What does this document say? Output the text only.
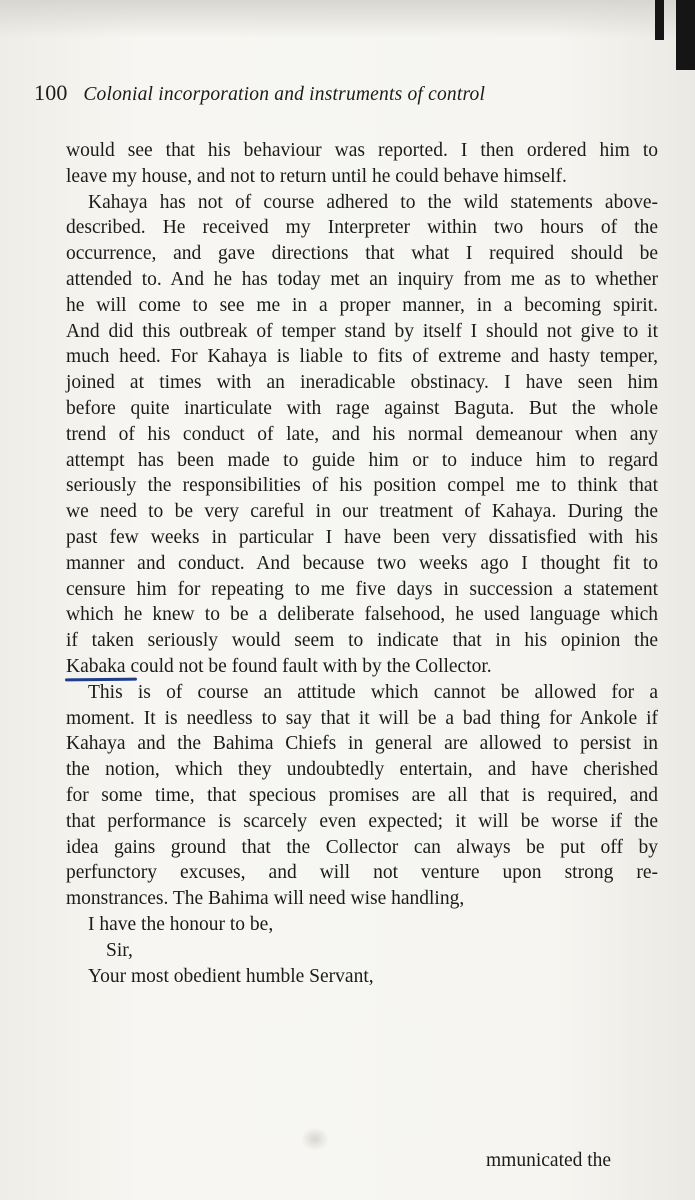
100 Colonial incorporation and instruments of control
would see that his behaviour was reported. I then ordered him to
leave my house, and not to return until he could behave himself.
Kahaya has not of course adhered to the wild statements above-
described. He received my Interpreter within two hours of the
occurrence, and gave directions that what I required should be
attended to. And he has today met an inquiry from me as to whether
he will come to see me in a proper manner, in a becoming spirit.
And did this outbreak of temper stand by itself I should not give to it
much heed. For Kahaya is liable to fits of extreme and hasty temper,
joined at times with an ineradicable obstinacy. I have seen him
before quite inarticulate with rage against Baguta. But the whole
trend of his conduct of late, and his normal demeanour when any
attempt has been made to guide him or to induce him to regard
seriously the responsibilities of his position compel me to think that
we need to be very careful in our treatment of Kahaya. During the
past few weeks in particular I have been very dissatisfied with his
manner and conduct. And because two weeks ago I thought fit to
censure him for repeating to me five days in succession a statement
which he knew to be a deliberate falsehood, he used language which
if taken seriously would seem to indicate that in his opinion the
Kabaka
could not be found fault with by the Collector.
This is of course an attitude which cannot be allowed for a
moment. It is needless to say that it will be a bad thing for Ankole if
Kahaya and the Bahima Chiefs in general are allowed to persist in
the notion, which they undoubtedly entertain, and have cherished
for some time, that specious promises are all that is required, and
that performance is scarcely even expected; it will be worse if the
idea gains ground that the Collector can always be put off by
perfunctory excuses, and will not venture upon strong re-
monstrances. The Bahima will need wise handling,
I have the honour to be,
Sir,
Your most obedient humble Servant,
mmunicated the
